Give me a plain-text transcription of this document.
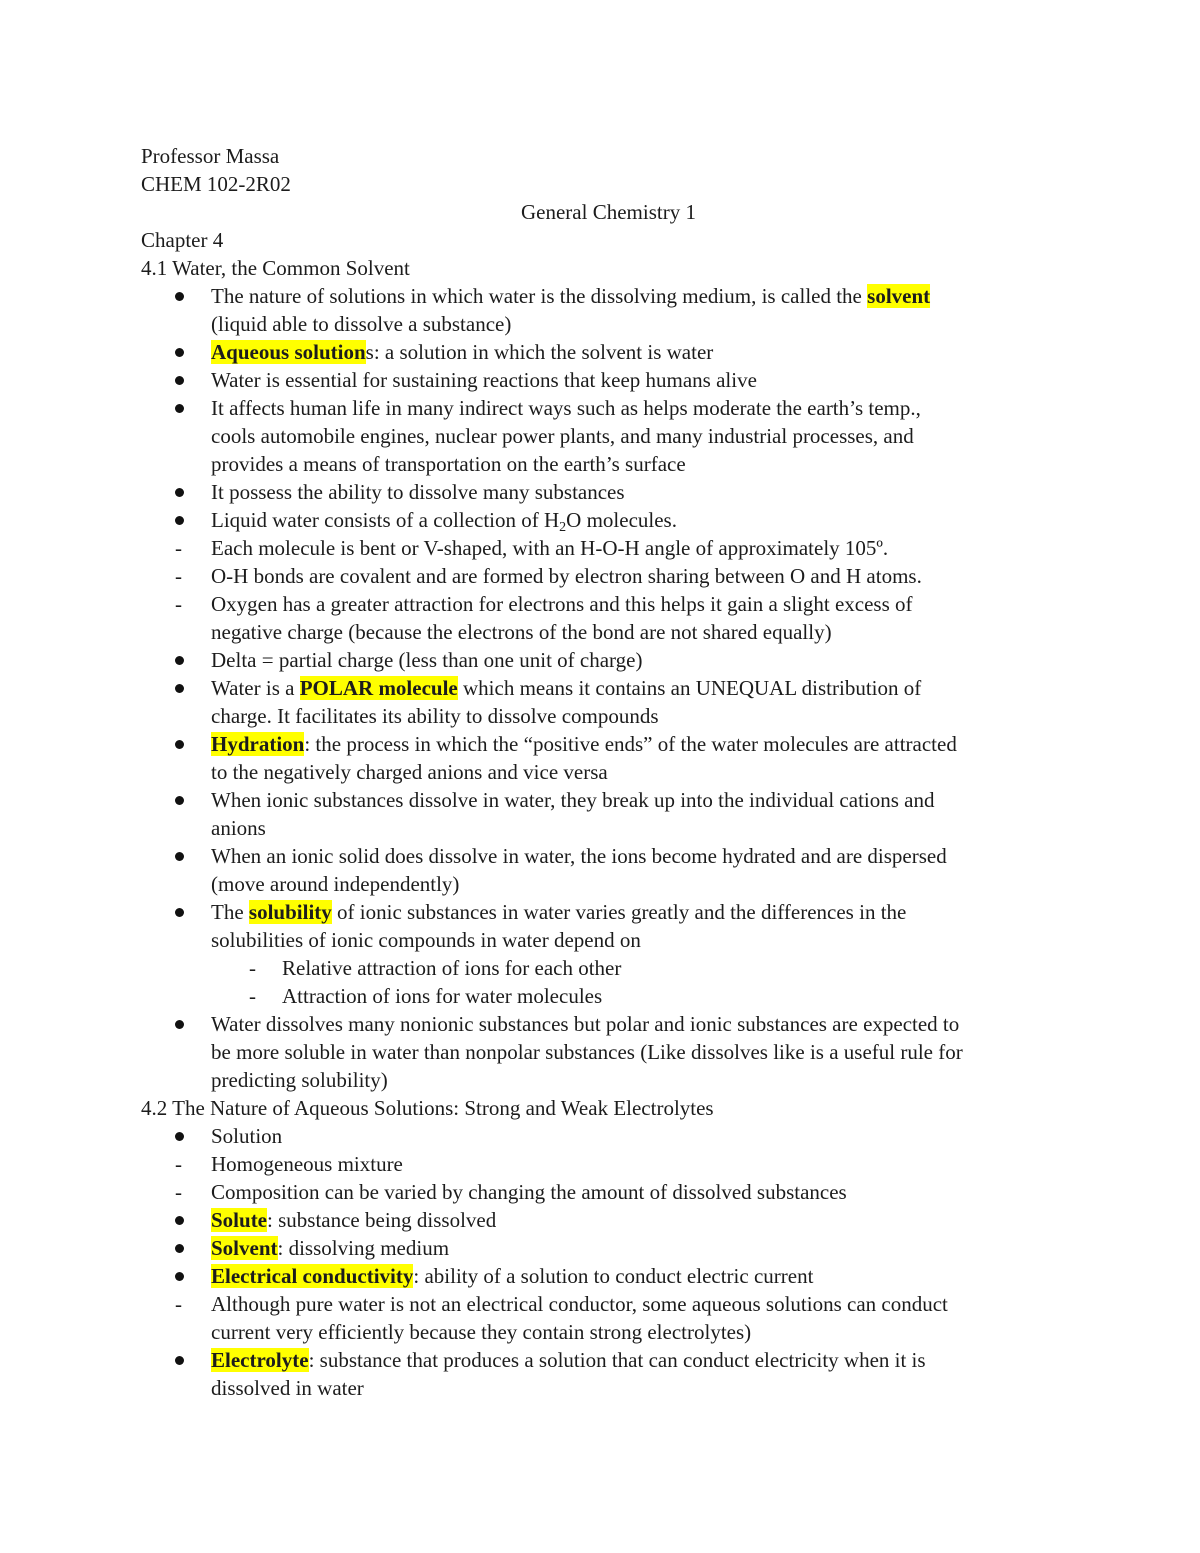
Professor Massa
CHEM 102-2R02
General Chemistry 1
Chapter 4
4.1 Water, the Common Solvent
The nature of solutions in which water is the dissolving medium, is called the solvent
(liquid able to dissolve a substance)
Aqueous solutions: a solution in which the solvent is water
Water is essential for sustaining reactions that keep humans alive
It affects human life in many indirect ways such as helps moderate the earth’s temp.,
cools automobile engines, nuclear power plants, and many industrial processes, and
provides a means of transportation on the earth’s surface
It possess the ability to dissolve many substances
Liquid water consists of a collection of $H_2O$ molecules.
- Each molecule is bent or V-shaped, with an H-O-H angle of approximately 105º.
- O-H bonds are covalent and are formed by electron sharing between O and H atoms.
- Oxygen has a greater attraction for electrons and this helps it gain a slight excess of
negative charge (because the electrons of the bond are not shared equally)
Delta = partial charge (less than one unit of charge)
Water is a POLAR molecule which means it contains an UNEQUAL distribution of
charge. It facilitates its ability to dissolve compounds
Hydration: the process in which the “positive ends” of the water molecules are attracted
to the negatively charged anions and vice versa
When ionic substances dissolve in water, they break up into the individual cations and
anions
When an ionic solid does dissolve in water, the ions become hydrated and are dispersed
(move around independently)
The solubility of ionic substances in water varies greatly and the differences in the
solubilities of ionic compounds in water depend on
- Relative attraction of ions for each other
- Attraction of ions for water molecules
Water dissolves many nonionic substances but polar and ionic substances are expected to
be more soluble in water than nonpolar substances (Like dissolves like is a useful rule for
predicting solubility)
4.2 The Nature of Aqueous Solutions: Strong and Weak Electrolytes
Solution
- Homogeneous mixture
- Composition can be varied by changing the amount of dissolved substances
Solute: substance being dissolved
Solvent: dissolving medium
Electrical conductivity: ability of a solution to conduct electric current
- Although pure water is not an electrical conductor, some aqueous solutions can conduct
current very efficiently because they contain strong electrolytes)
Electrolyte: substance that produces a solution that can conduct electricity when it is
dissolved in water
